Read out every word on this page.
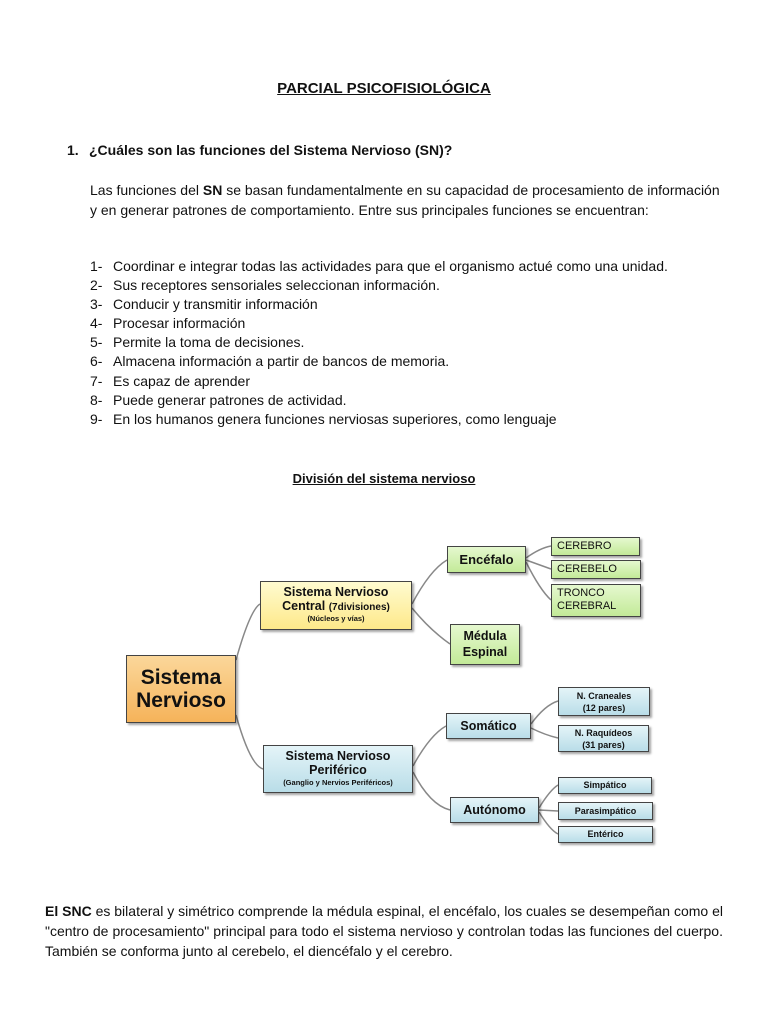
PARCIAL PSICOFISIOLÓGICA
1. ¿Cuáles son las funciones del Sistema Nervioso (SN)?
Las funciones del SN se basan fundamentalmente en su capacidad de procesamiento de información y en generar patrones de comportamiento. Entre sus principales funciones se encuentran:
1- Coordinar e integrar todas las actividades para que el organismo actué como una unidad.
2- Sus receptores sensoriales seleccionan información.
3- Conducir y transmitir información
4- Procesar información
5- Permite la toma de decisiones.
6- Almacena información a partir de bancos de memoria.
7- Es capaz de aprender
8- Puede generar patrones de actividad.
9- En los humanos genera funciones nerviosas superiores, como lenguaje
División del sistema nervioso
Sistema
Nervioso
Sistema Nervioso
Central (7divisiones)
(Núcleos y vías)
Sistema Nervioso
Periférico
(Ganglio y Nervios Periféricos)
Encéfalo
Médula
Espinal
CEREBRO
CEREBELO
TRONCO
CEREBRAL
Somático
Autónomo
N. Craneales
(12 pares)
N. Raquídeos
(31 pares)
Simpático
Parasimpático
Entérico
El SNC es bilateral y simétrico comprende la médula espinal, el encéfalo, los cuales se desempeñan como el "centro de procesamiento" principal para todo el sistema nervioso y controlan todas las funciones del cuerpo. También se conforma junto al cerebelo, el diencéfalo y el cerebro.
